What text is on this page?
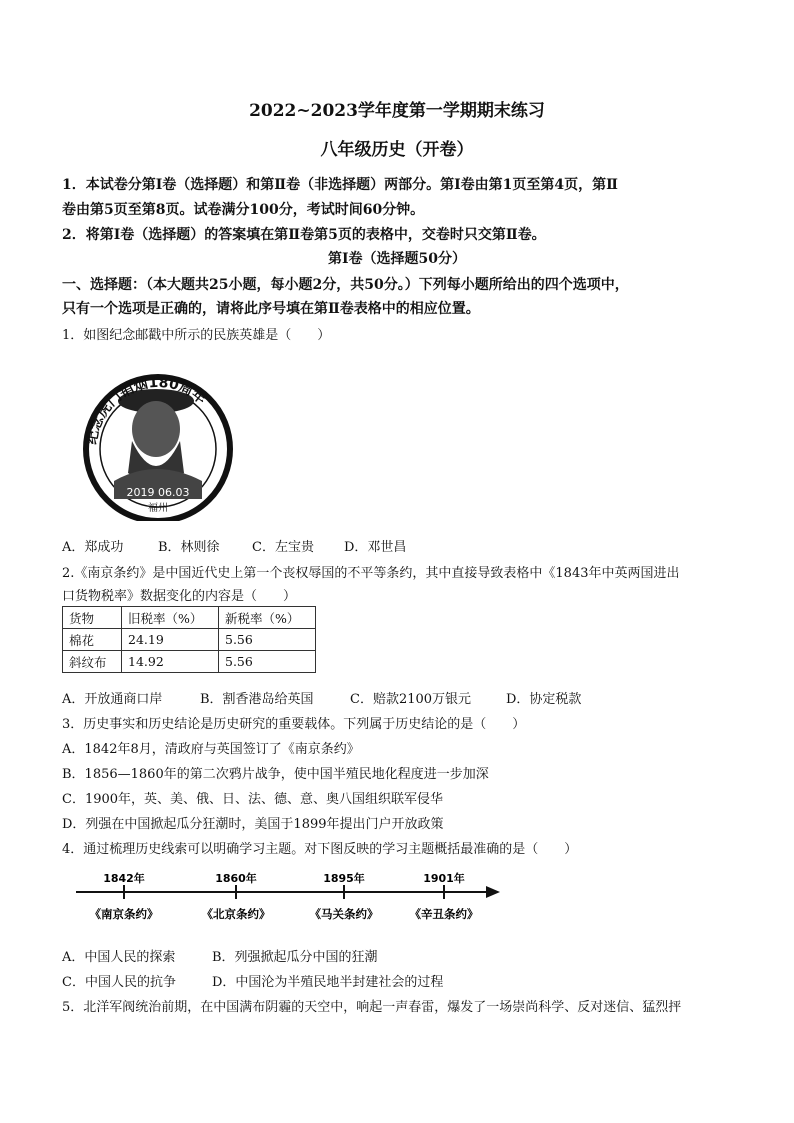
2022~2023学年度第一学期期末练习
八年级历史（开卷）
1．本试卷分第Ⅰ卷（选择题）和第Ⅱ卷（非选择题）两部分。第Ⅰ卷由第1页至第4页，第Ⅱ
卷由第5页至第8页。试卷满分100分，考试时间60分钟。
2．将第Ⅰ卷（选择题）的答案填在第Ⅱ卷第5页的表格中，交卷时只交第Ⅱ卷。
第Ⅰ卷（选择题50分）
一、选择题：（本大题共25小题，每小题2分，共50分。）下列每小题所给出的四个选项中，
只有一个选项是正确的，请将此序号填在第Ⅱ卷表格中的相应位置。
1．如图纪念邮戳中所示的民族英雄是（　　）
纪念虎门销烟180周年
2019 06.03
福州
A．郑成功	B．林则徐 C．左宝贵 D．邓世昌
2.《南京条约》是中国近代史上第一个丧权辱国的不平等条约，其中直接导致表格中《1843年中英两国进出
口货物税率》数据变化的内容是（　　）
货物	旧税率（%）	新税率（%）
棉花	24.19	5.56
斜纹布	14.92	5.56
A．开放通商口岸	B．割香港岛给英国	C．赔款2100万银元	D．协定税款
3．历史事实和历史结论是历史研究的重要载体。下列属于历史结论的是（　　）
A．1842年8月，清政府与英国签订了《南京条约》
B．1856—1860年的第二次鸦片战争，使中国半殖民地化程度进一步加深
C．1900年，英、美、俄、日、法、德、意、奥八国组织联军侵华
D．列强在中国掀起瓜分狂潮时，美国于1899年提出门户开放政策
4．通过梳理历史线索可以明确学习主题。对下图反映的学习主题概括最准确的是（　　）
1842年	1860年	1895年	1901年
《南京条约》	《北京条约》	《马关条约》	《辛丑条约》
A．中国人民的探索	B．列强掀起瓜分中国的狂潮
C．中国人民的抗争	D．中国沦为半殖民地半封建社会的过程
5．北洋军阀统治前期，在中国满布阴霾的天空中，响起一声春雷，爆发了一场崇尚科学、反对迷信、猛烈抨
